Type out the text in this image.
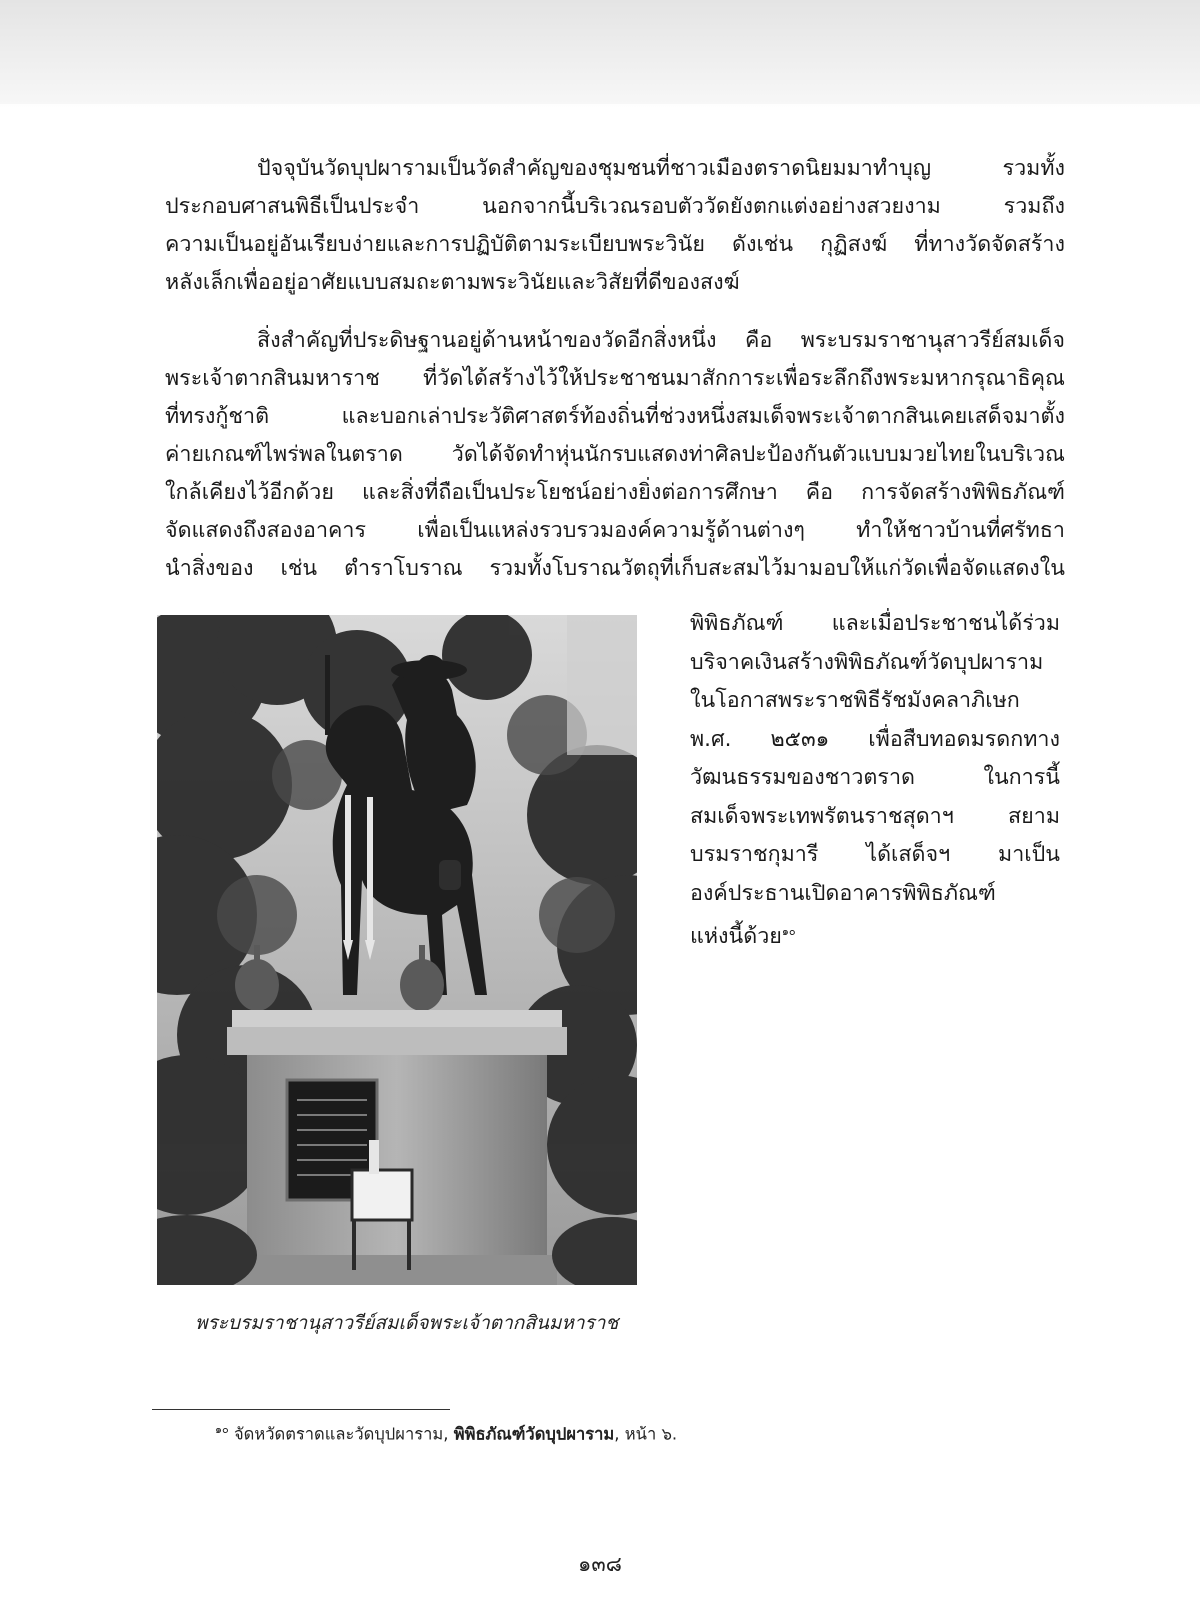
ปัจจุบันวัดบุปผารามเป็นวัดสำคัญของชุมชนที่ชาวเมืองตราดนิยมมาทำบุญ รวมทั้ง
ประกอบศาสนพิธีเป็นประจำ นอกจากนี้บริเวณรอบตัววัดยังตกแต่งอย่างสวยงาม รวมถึง
ความเป็นอยู่อันเรียบง่ายและการปฏิบัติตามระเบียบพระวินัย ดังเช่น กุฏิสงฆ์ ที่ทางวัดจัดสร้าง
หลังเล็กเพื่ออยู่อาศัยแบบสมถะตามพระวินัยและวิสัยที่ดีของสงฆ์
สิ่งสำคัญที่ประดิษฐานอยู่ด้านหน้าของวัดอีกสิ่งหนึ่ง คือ พระบรมราชานุสาวรีย์สมเด็จ
พระเจ้าตากสินมหาราช ที่วัดได้สร้างไว้ให้ประชาชนมาสักการะเพื่อระลึกถึงพระมหากรุณาธิคุณ
ที่ทรงกู้ชาติ และบอกเล่าประวัติศาสตร์ท้องถิ่นที่ช่วงหนึ่งสมเด็จพระเจ้าตากสินเคยเสด็จมาตั้ง
ค่ายเกณฑ์ไพร่พลในตราด วัดได้จัดทำหุ่นนักรบแสดงท่าศิลปะป้องกันตัวแบบมวยไทยในบริเวณ
ใกล้เคียงไว้อีกด้วย และสิ่งที่ถือเป็นประโยชน์อย่างยิ่งต่อการศึกษา คือ การจัดสร้างพิพิธภัณฑ์
จัดแสดงถึงสองอาคาร เพื่อเป็นแหล่งรวบรวมองค์ความรู้ด้านต่างๆ ทำให้ชาวบ้านที่ศรัทธา
นำสิ่งของ เช่น ตำราโบราณ รวมทั้งโบราณวัตถุที่เก็บสะสมไว้มามอบให้แก่วัดเพื่อจัดแสดงใน
พิพิธภัณฑ์ และเมื่อประชาชนได้ร่วม
บริจาคเงินสร้างพิพิธภัณฑ์วัดบุปผาราม
ในโอกาสพระราชพิธีรัชมังคลาภิเษก
พ.ศ. ๒๕๓๑ เพื่อสืบทอดมรดกทาง
วัฒนธรรมของชาวตราด ในการนี้
สมเด็จพระเทพรัตนราชสุดาฯ สยาม
บรมราชกุมารี ได้เสด็จฯ มาเป็น
องค์ประธานเปิดอาคารพิพิธภัณฑ์
แห่งนี้ด้วย$^{๑๐}$
พระบรมราชานุสาวรีย์สมเด็จพระเจ้าตากสินมหาราช
$^{๑๐}$ จัดหวัดตราดและวัดบุปผาราม, พิพิธภัณฑ์วัดบุปผาราม, หน้า ๖.
๑๓๘
